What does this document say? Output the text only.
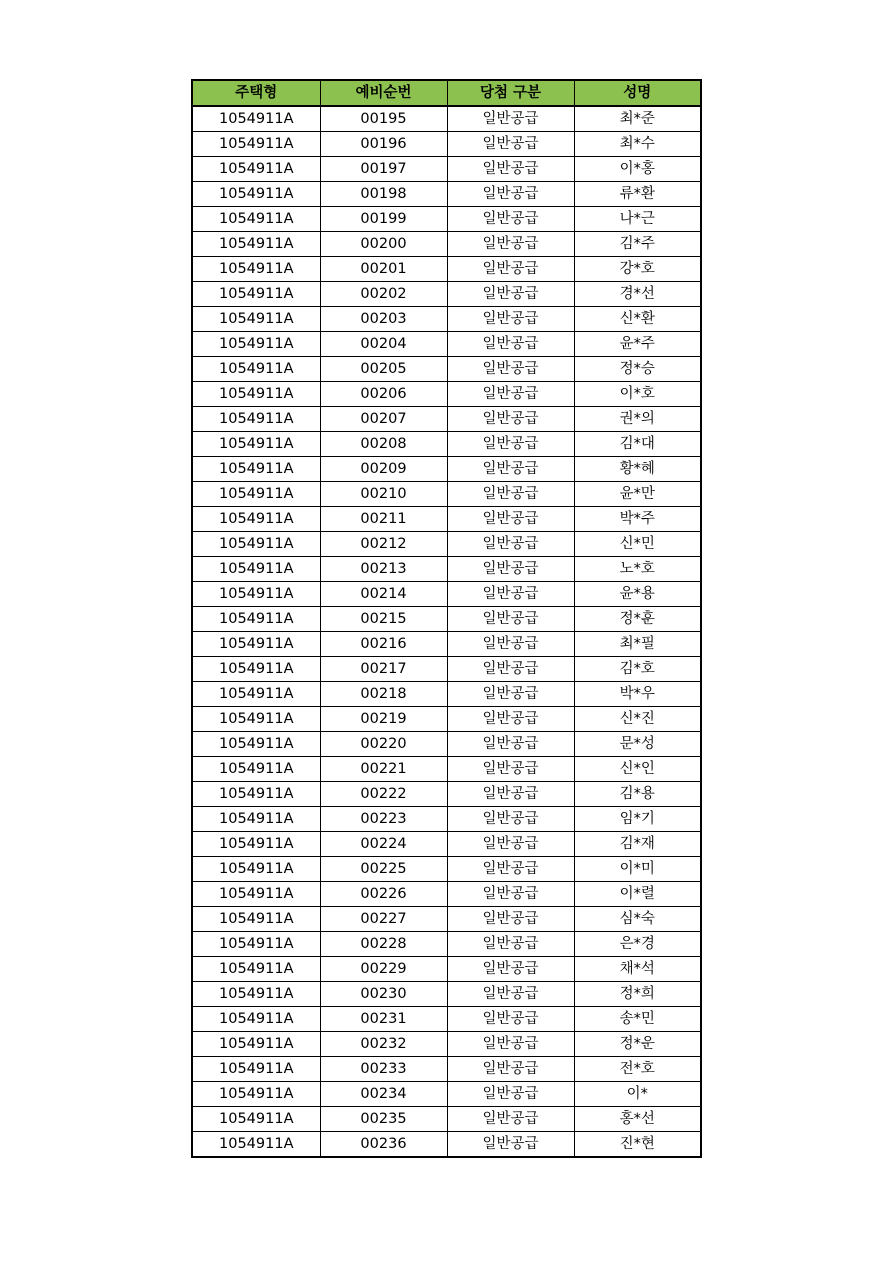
주택형	예비순번	당첨 구분	성명
1054911A	00195	일반공급	최*준
1054911A	00196	일반공급	최*수
1054911A	00197	일반공급	이*홍
1054911A	00198	일반공급	류*환
1054911A	00199	일반공급	나*근
1054911A	00200	일반공급	김*주
1054911A	00201	일반공급	강*호
1054911A	00202	일반공급	경*선
1054911A	00203	일반공급	신*환
1054911A	00204	일반공급	윤*주
1054911A	00205	일반공급	정*승
1054911A	00206	일반공급	이*호
1054911A	00207	일반공급	권*의
1054911A	00208	일반공급	김*대
1054911A	00209	일반공급	황*혜
1054911A	00210	일반공급	윤*만
1054911A	00211	일반공급	박*주
1054911A	00212	일반공급	신*민
1054911A	00213	일반공급	노*호
1054911A	00214	일반공급	윤*용
1054911A	00215	일반공급	정*훈
1054911A	00216	일반공급	최*필
1054911A	00217	일반공급	김*호
1054911A	00218	일반공급	박*우
1054911A	00219	일반공급	신*진
1054911A	00220	일반공급	문*성
1054911A	00221	일반공급	신*인
1054911A	00222	일반공급	김*용
1054911A	00223	일반공급	임*기
1054911A	00224	일반공급	김*재
1054911A	00225	일반공급	이*미
1054911A	00226	일반공급	이*렬
1054911A	00227	일반공급	심*숙
1054911A	00228	일반공급	은*경
1054911A	00229	일반공급	채*석
1054911A	00230	일반공급	정*희
1054911A	00231	일반공급	송*민
1054911A	00232	일반공급	정*운
1054911A	00233	일반공급	전*호
1054911A	00234	일반공급	이*
1054911A	00235	일반공급	홍*선
1054911A	00236	일반공급	진*현
